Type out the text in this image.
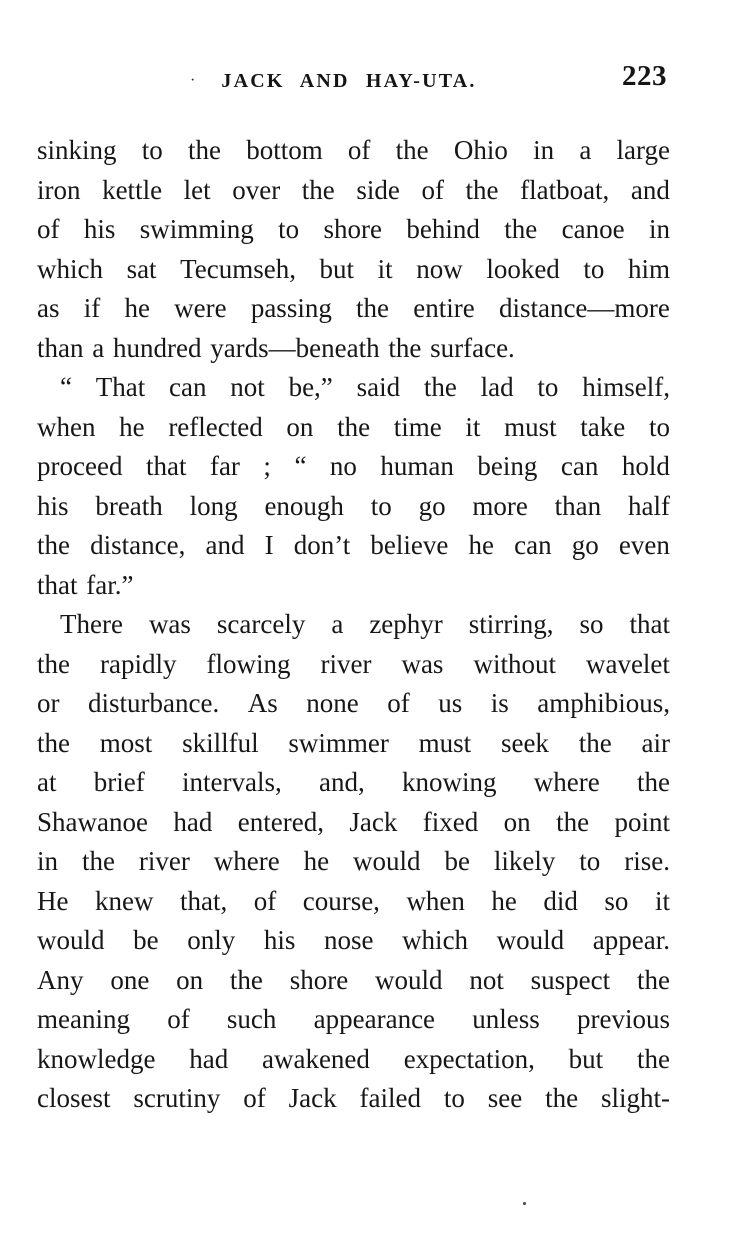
· JACK AND HAY-UTA.	223
sinking to the bottom of the Ohio in a large
iron kettle let over the side of the flatboat, and
of his swimming to shore behind the canoe in
which sat Tecumseh, but it now looked to him
as if he were passing the entire distance—more
than a hundred yards—beneath the surface.
“ That can not be,” said the lad to himself,
when he reflected on the time it must take to
proceed that far ; “ no human being can hold
his breath long enough to go more than half
the distance, and I don’t believe he can go even
that far.”
There was scarcely a zephyr stirring, so that
the rapidly flowing river was without wavelet
or disturbance. As none of us is amphibious,
the most skillful swimmer must seek the air
at brief intervals, and, knowing where the
Shawanoe had entered, Jack fixed on the point
in the river where he would be likely to rise.
He knew that, of course, when he did so it
would be only his nose which would appear.
Any one on the shore would not suspect the
meaning of such appearance unless previous
knowledge had awakened expectation, but the
closest scrutiny of Jack failed to see the slight-
